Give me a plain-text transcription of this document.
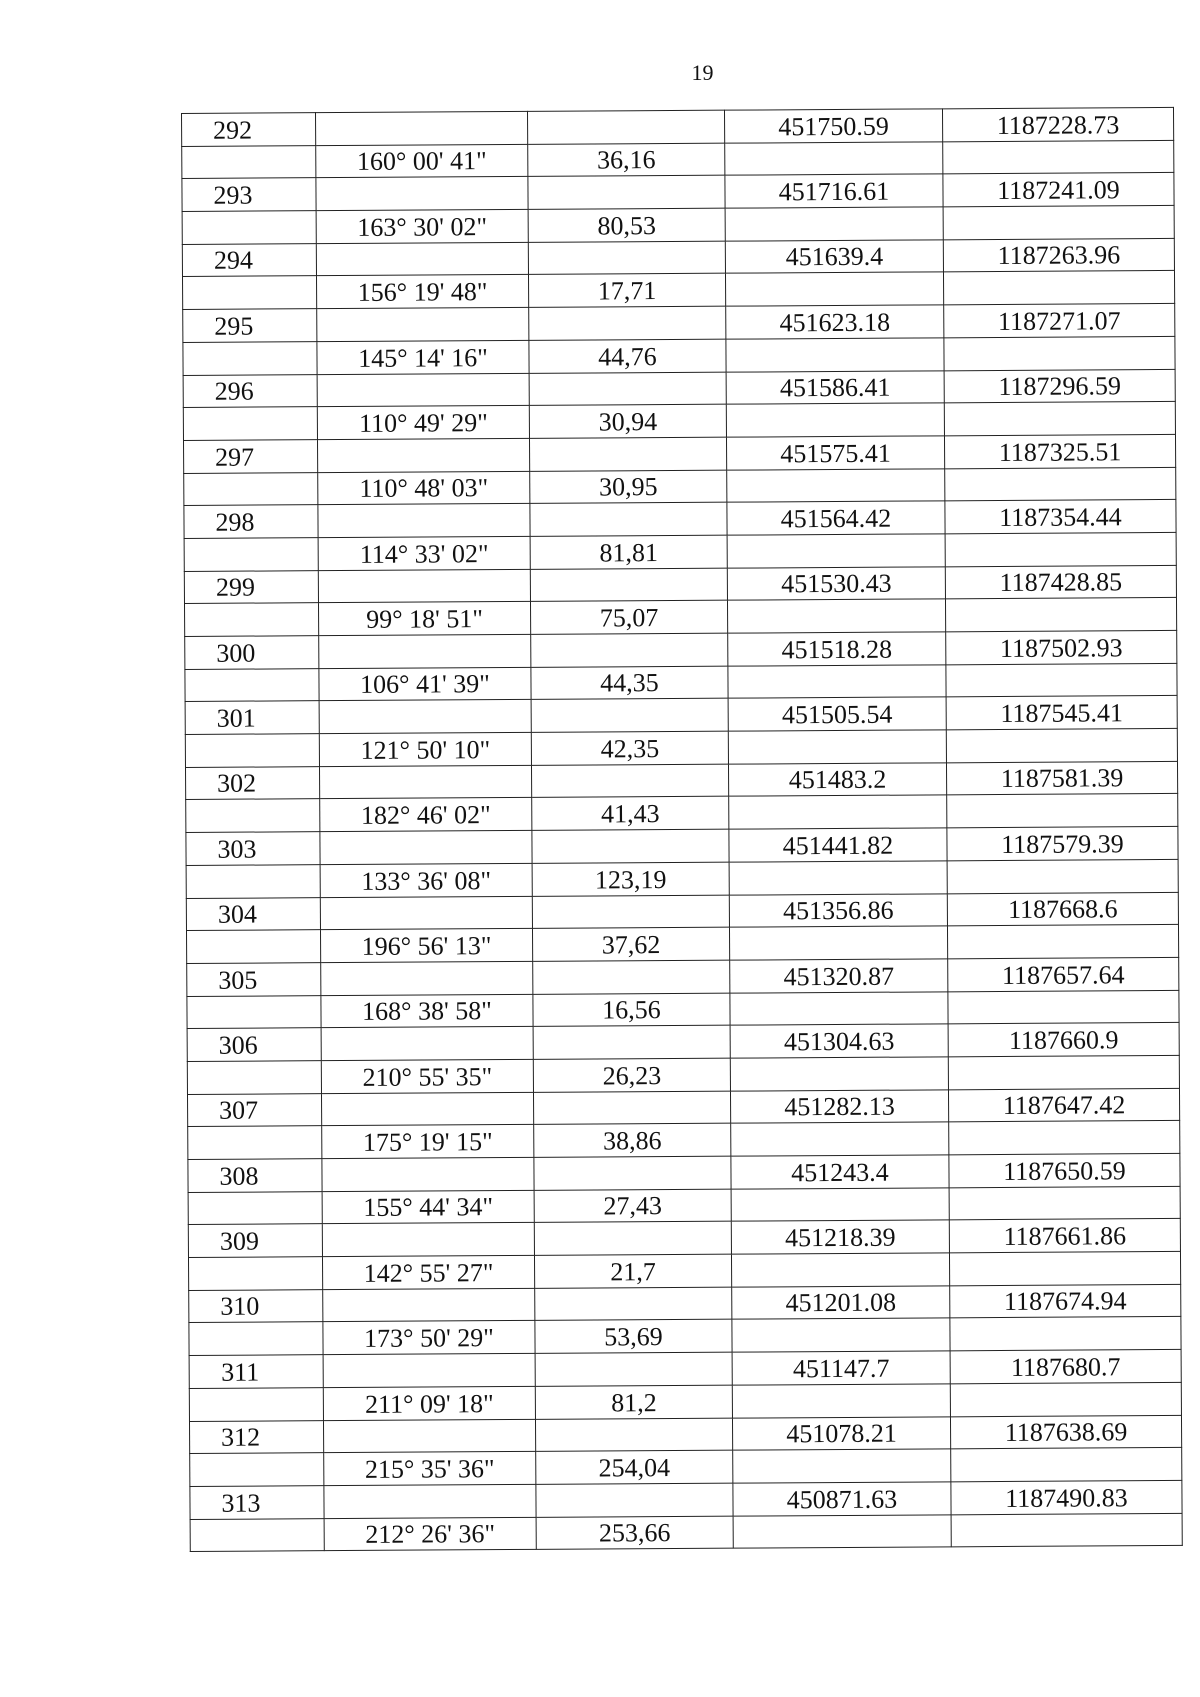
19
292			451750.59	1187228.73
	160° 00' 41"	36,16		
293			451716.61	1187241.09
	163° 30' 02"	80,53		
294			451639.4	1187263.96
	156° 19' 48"	17,71		
295			451623.18	1187271.07
	145° 14' 16"	44,76		
296			451586.41	1187296.59
	110° 49' 29"	30,94		
297			451575.41	1187325.51
	110° 48' 03"	30,95		
298			451564.42	1187354.44
	114° 33' 02"	81,81		
299			451530.43	1187428.85
	99° 18' 51"	75,07		
300			451518.28	1187502.93
	106° 41' 39"	44,35		
301			451505.54	1187545.41
	121° 50' 10"	42,35		
302			451483.2	1187581.39
	182° 46' 02"	41,43		
303			451441.82	1187579.39
	133° 36' 08"	123,19		
304			451356.86	1187668.6
	196° 56' 13"	37,62		
305			451320.87	1187657.64
	168° 38' 58"	16,56		
306			451304.63	1187660.9
	210° 55' 35"	26,23		
307			451282.13	1187647.42
	175° 19' 15"	38,86		
308			451243.4	1187650.59
	155° 44' 34"	27,43		
309			451218.39	1187661.86
	142° 55' 27"	21,7		
310			451201.08	1187674.94
	173° 50' 29"	53,69		
311			451147.7	1187680.7
	211° 09' 18"	81,2		
312			451078.21	1187638.69
	215° 35' 36"	254,04		
313			450871.63	1187490.83
	212° 26' 36"	253,66		
